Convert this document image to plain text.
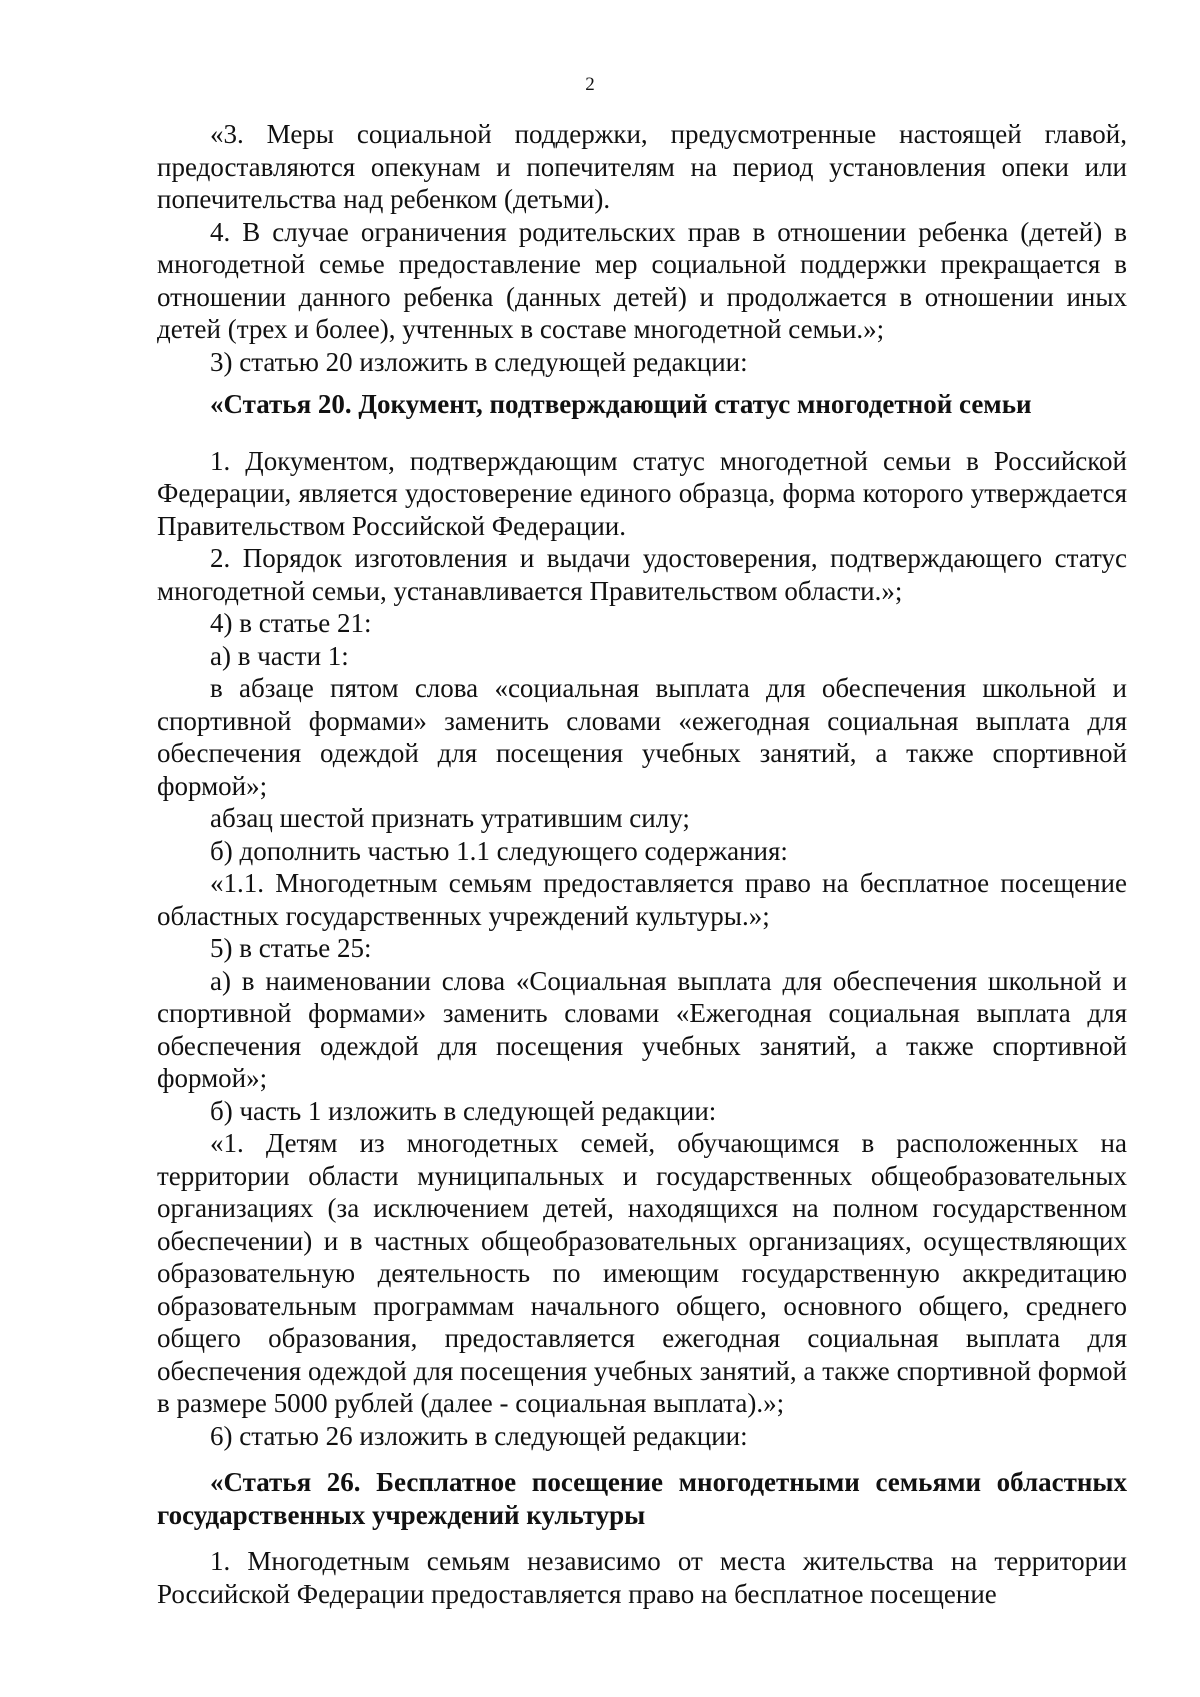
2

«3. Меры социальной поддержки, предусмотренные настоящей главой, предоставляются опекунам и попечителям на период установления опеки или попечительства над ребенком (детьми).

4. В случае ограничения родительских прав в отношении ребенка (детей) в многодетной семье предоставление мер социальной поддержки прекращается в отношении данного ребенка (данных детей) и продолжается в отношении иных детей (трех и более), учтенных в составе многодетной семьи.»;

3) статью 20 изложить в следующей редакции:

«Статья 20. Документ, подтверждающий статус многодетной семьи

1. Документом, подтверждающим статус многодетной семьи в Российской Федерации, является удостоверение единого образца, форма которого утверждается Правительством Российской Федерации.

2. Порядок изготовления и выдачи удостоверения, подтверждающего статус многодетной семьи, устанавливается Правительством области.»;

4) в статье 21:

а) в части 1:

в абзаце пятом слова «социальная выплата для обеспечения школьной и спортивной формами» заменить словами «ежегодная социальная выплата для обеспечения одеждой для посещения учебных занятий, а также спортивной формой»;

абзац шестой признать утратившим силу;

б) дополнить частью 1.1 следующего содержания:

«1.1. Многодетным семьям предоставляется право на бесплатное посещение областных государственных учреждений культуры.»;

5) в статье 25:

а) в наименовании слова «Социальная выплата для обеспечения школьной и спортивной формами» заменить словами «Ежегодная социальная выплата для обеспечения одеждой для посещения учебных занятий, а также спортивной формой»;

б) часть 1 изложить в следующей редакции:

«1. Детям из многодетных семей, обучающимся в расположенных на территории области муниципальных и государственных общеобразовательных организациях (за исключением детей, находящихся на полном государственном обеспечении) и в частных общеобразовательных организациях, осуществляющих образовательную деятельность по имеющим государственную аккредитацию образовательным программам начального общего, основного общего, среднего общего образования, предоставляется ежегодная социальная выплата для обеспечения одеждой для посещения учебных занятий, а также спортивной формой в размере 5000 рублей (далее - социальная выплата).»;

6) статью 26 изложить в следующей редакции:

«Статья 26. Бесплатное посещение многодетными семьями областных государственных учреждений культуры

1. Многодетным семьям независимо от места жительства на территории Российской Федерации предоставляется право на бесплатное посещение
